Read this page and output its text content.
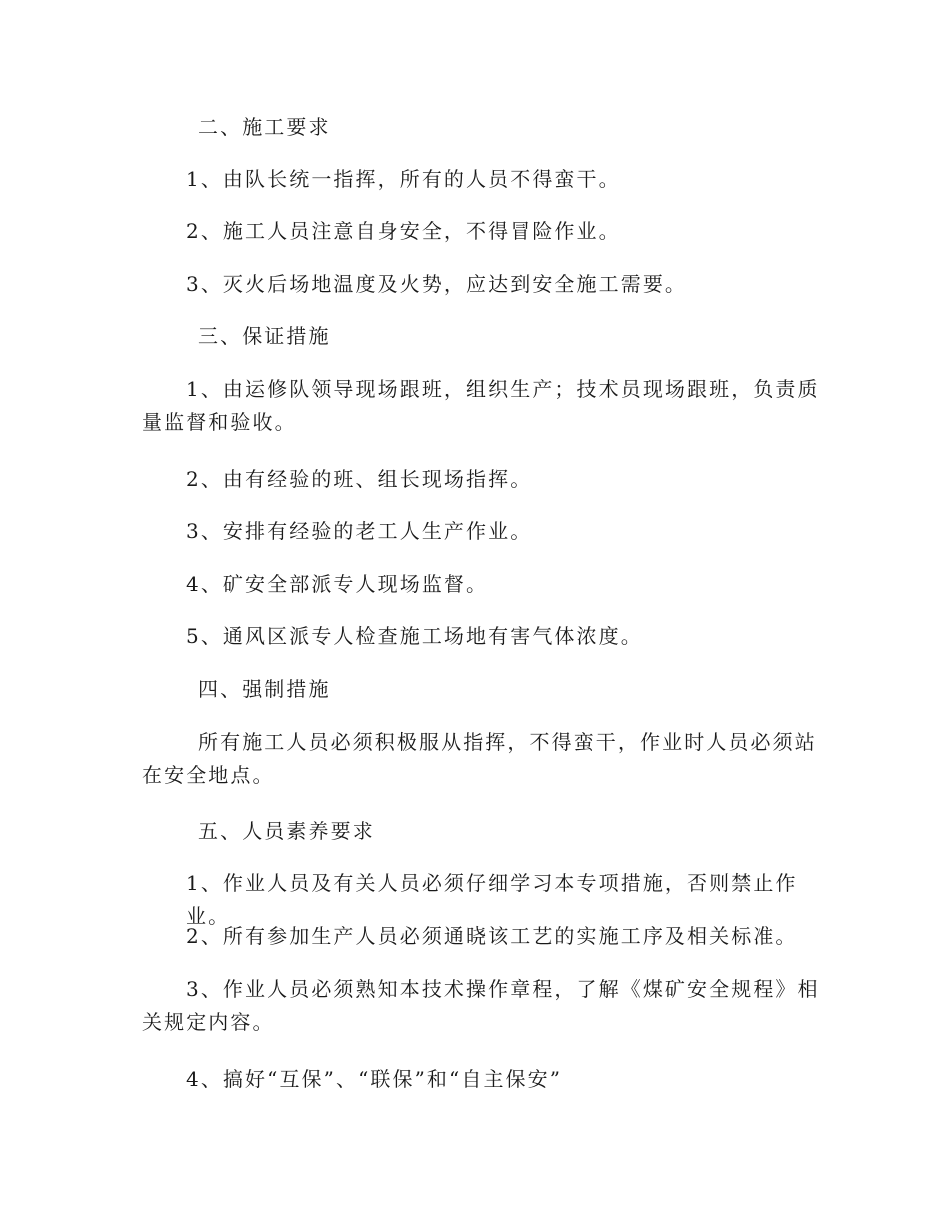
二、施工要求
1、由队长统一指挥，所有的人员不得蛮干。
2、施工人员注意自身安全，不得冒险作业。
3、灭火后场地温度及火势，应达到安全施工需要。
三、保证措施
1、由运修队领导现场跟班，组织生产；技术员现场跟班，负责质量监督和验收。
2、由有经验的班、组长现场指挥。
3、安排有经验的老工人生产作业。
4、矿安全部派专人现场监督。
5、通风区派专人检查施工场地有害气体浓度。
四、强制措施
所有施工人员必须积极服从指挥，不得蛮干，作业时人员必须站在安全地点。
五、人员素养要求
1、作业人员及有关人员必须仔细学习本专项措施，否则禁止作业。
2、所有参加生产人员必须通晓该工艺的实施工序及相关标准。
3、作业人员必须熟知本技术操作章程，了解《煤矿安全规程》相关规定内容。
4、搞好“互保”、“联保”和“自主保安”
